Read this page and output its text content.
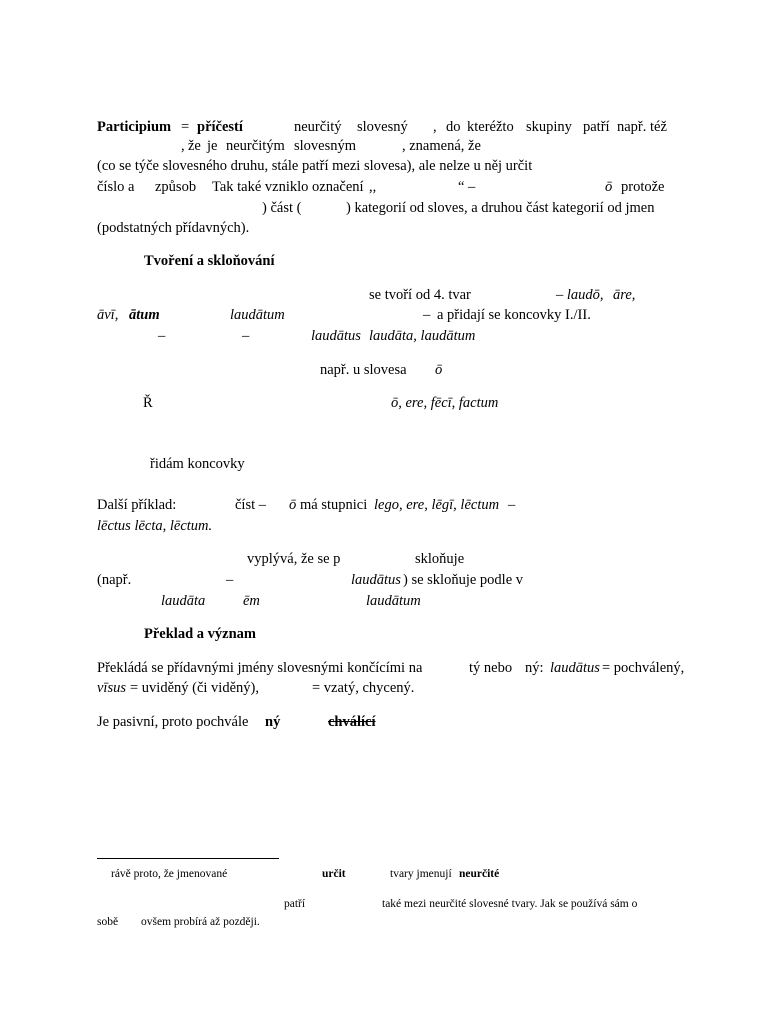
Participium = příčestí	neurčitý slovesný , do kteréžto skupiny patří např. též
, že je neurčitým slovesným	, znamená, že
(co se týče slovesného druhu, stále patří mezi slovesa), ale nelze u něj určit
číslo a způsob Tak také vzniklo označení ,,	“ –	ō protože
) část (	) kategorií od sloves, a druhou část kategorií od jmen
(podstatných přídavných).
Tvoření a skloňování
se tvoří od 4. tvar	– laudō, āre,
āvī, ātum	laudātum	– a přidají se koncovky I./II.
–	–	laudātus laudāta, laudātum
např. u slovesa ō
Ř	ō, ere, fēcī, factum
řidám koncovky
Další příklad:	číst – ō má stupnici lego, ere, lēgī, lēctum –
lēctus lēcta, lēctum.
vyplývá, že se p	skloňuje
(např.	–	laudātus ) se skloňuje podle v
laudāta	ēm	laudātum
Překlad a význam
Překládá se přídavnými jmény slovesnými končícími na	tý nebo ný: laudātus = pochválený,
vīsus = uviděný (či viděný),	= vzatý, chycený.
Je pasivní, proto pochvále ný	chválící
rávě proto, že jmenované	určit	tvary jmenují neurčité
patří	také mezi neurčité slovesné tvary. Jak se používá sám o
sobě ovšem probírá až později.
